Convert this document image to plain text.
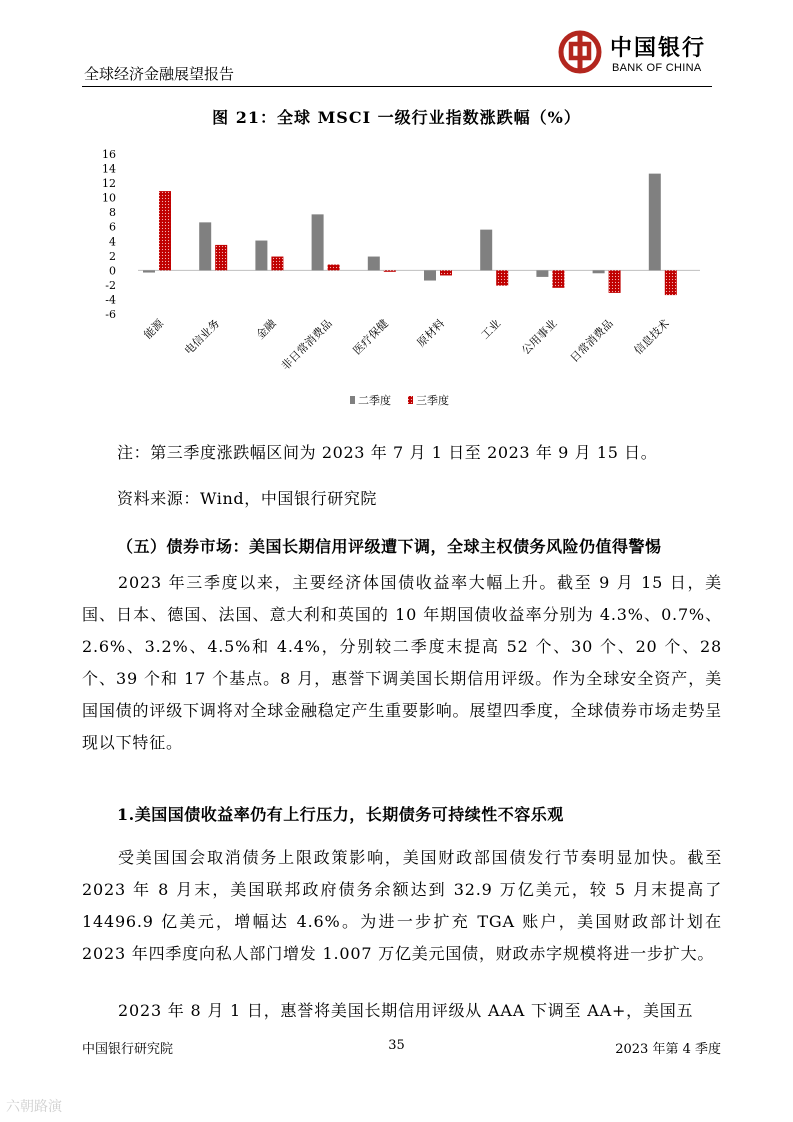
全球经济金融展望报告
中国银行
BANK OF CHINA
图 21：全球 MSCI 一级行业指数涨跌幅（%）
16
14
12
10
8
6
4
2
0
-2
-4
-6
能源 电信业务	金融 非日常消费品 医疗保健 原材料	工业 公用事业 日常消费品 信息技术
二季度 三季度
注：第三季度涨跌幅区间为 2023 年 7 月 1 日至 2023 年 9 月 15 日。
资料来源：Wind，中国银行研究院
（五）债券市场：美国长期信用评级遭下调，全球主权债务风险仍值得警惕
2023 年三季度以来，主要经济体国债收益率大幅上升。截至 9 月 15 日，美国、日本、德国、法国、意大利和英国的 10 年期国债收益率分别为 4.3%、0.7%、2.6%、3.2%、4.5%和 4.4%，分别较二季度末提高 52 个、30 个、20 个、28 个、39 个和 17 个基点。8 月，惠誉下调美国长期信用评级。作为全球安全资产，美国国债的评级下调将对全球金融稳定产生重要影响。展望四季度，全球债券市场走势呈现以下特征。
1.美国国债收益率仍有上行压力，长期债务可持续性不容乐观
受美国国会取消债务上限政策影响，美国财政部国债发行节奏明显加快。截至 2023 年 8 月末，美国联邦政府债务余额达到 32.9 万亿美元，较 5 月末提高了 14496.9 亿美元，增幅达 4.6%。为进一步扩充 TGA 账户，美国财政部计划在 2023 年四季度向私人部门增发 1.007 万亿美元国债，财政赤字规模将进一步扩大。
2023 年 8 月 1 日，惠誉将美国长期信用评级从 AAA 下调至 AA+，美国五
中国银行研究院	35	2023 年第 4 季度
六朝路演
